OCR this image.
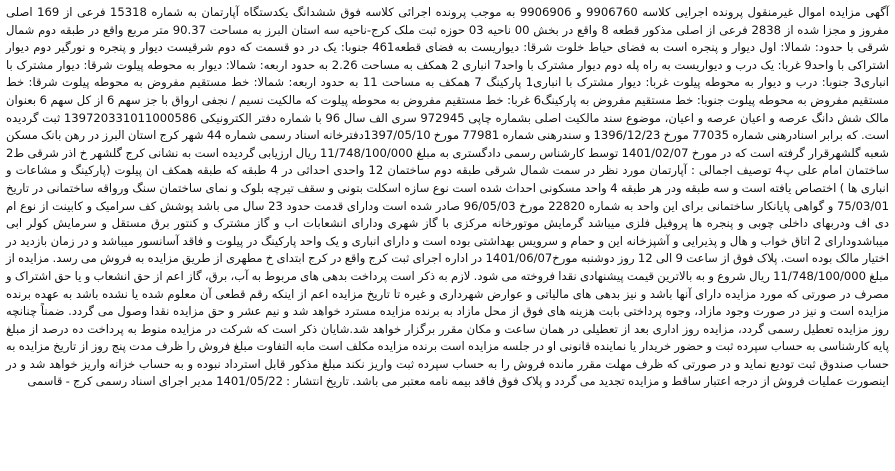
آگهی مزایده اموال غیرمنقول پرونده اجرایی کلاسه 9906760 و 9906906 به موجب پرونده اجرائی کلاسه فوق ششدانگ یکدستگاه آپارتمان به شماره 15318 فرعی از 169 اصلی مفروز و مجزا شده از 2838 فرعی از اصلی مذکور قطعه 8 واقع در بخش 00 ناحیه 03 حوزه ثبت ملک کرج-ناحیه سه استان البرز به مساحت 90.37 متر مربع واقع در طبقه دوم شمال شرقی با حدود: شمالا: اول دیوار و پنجره است به فضای حیاط خلوت شرقا: دیواریست به فضای قطعه461 جنوبا: یک در دو قسمت که دوم شرقیست دیوار و پنجره و نورگیر دوم دیوار اشتراکی با واحد9 غربا: یک درب و دیواریست به راه پله دوم دیوار مشترک با واحد7 انباری 2 همکف به مساحت 2.26 به حدود اربعه: شمالا: دیوار به محوطه پیلوت شرقا: دیوار مشترک با انباری3 جنوبا: درب و دیوار به محوطه پیلوت غربا: دیوار مشترک با انباری1 پارکینگ 7 همکف به مساحت 11 به حدود اربعه: شمالا: خط مستقیم مفروض به محوطه پیلوت شرقا: خط مستقیم مفروض به محوطه پیلوت جنوبا: خط مستقیم مفروض به پارکینگ6 غربا: خط مستقیم مفروض به محوطه پیلوت که مالکیت نسیم / نجفی ارواق با جز سهم 6 از کل سهم 6 بعنوان مالک شش دانگ عرصه و اعیان عرصه و اعیان، موضوع سند مالکیت اصلی بشماره چاپی 972945 سری الف سال 96 با شماره دفتر الکترونیکی 139720331011000586 ثبت گردیده است. که برابر اسنادرهنی شماره 77035 مورخ 1396/12/23 و سندرهنی شماره 77981 مورخ 1397/05/10دفترخانه اسناد رسمی شماره 44 شهر کرج استان البرز در رهن بانک مسکن شعبه گلشهرقرار گرفته است که در مورخ 1401/02/07 توسط کارشناس رسمی دادگستری به مبلغ 11/748/100/000 ریال ارزیابی گردیده است به نشانی کرج گلشهر خ اذر شرقی ط2 ساختمان امام علی پ4 توصیف اجمالی : آپارتمان مورد نظر در سمت شمال شرقی طبقه دوم ساختمان 12 واحدی احداثی در 4 طبقه که طبقه همکف ان پیلوت (پارکینگ و مشاعات و انباری ها ) اختصاص یافته است و سه طبقه ودر هر طبقه 4 واحد مسکونی احداث شده است نوع سازه اسکلت بتونی و سقف تیرچه بلوک و نمای ساختمان سنگ ورواقه ساختمانی در تاریخ 75/03/01 و گواهی پایانکار ساختمانی برای این واحد به شماره 22820 مورخ 96/05/03 صادر شده است ودارای قدمت حدود 23 سال می باشد پوشش کف سرامیک و کابینت از نوع ام دی اف ودربهای داخلی چوبی و پنجره ها پروفیل فلزی میباشد گرمایش موتورخانه مرکزی با گاز شهری ودارای انشعابات اب و گاز مشترک و کنتور برق مستقل و سرمایش کولر ابی میباشدودارای 2 اتاق خواب و هال و پذیرایی و آشپزخانه این و حمام و سرویس بهداشتی بوده است و دارای انباری و یک واحد پارکینگ در پیلوت و فاقد آسانسور میباشد و در زمان بازدید در اختیار مالک بوده است. پلاک فوق از ساعت 9 الی 12 روز دوشنبه مورخ1401/06/07 در اداره اجرای ثبت کرج واقع در کرج ابتدای خ مطهری از طریق مزایده به فروش می رسد. مزایده از مبلغ 11/748/100/000 ریال شروع و به بالاترین قیمت پیشنهادی نقدا فروخته می شود. لازم به ذکر است پرداخت بدهی های مربوط به آب، برق، گاز اعم از حق انشعاب و یا حق اشتراک و مصرف در صورتی که مورد مزایده دارای آنها باشد و نیز بدهی های مالیاتی و عوارض شهرداری و غیره تا تاریخ مزایده اعم از اینکه رقم قطعی آن معلوم شده یا نشده باشد به عهده برنده مزایده است و نیز در صورت وجود مازاد، وجوه پرداختی بابت هزینه های فوق از محل مازاد به برنده مزایده مسترد خواهد شد و نیم عشر و حق مزایده نقدا وصول می گردد. ضمناً چنانچه روز مزایده تعطیل رسمی گردد، مزایده روز اداری بعد از تعطیلی در همان ساعت و مکان مقرر برگزار خواهد شد.شایان ذکر است که شرکت در مزایده منوط به پرداخت ده درصد از مبلغ پایه کارشناسی به حساب سپرده ثبت و حضور خریدار یا نماینده قانونی او در جلسه مزایده است برنده مزایده مکلف است مابه التفاوت مبلغ فروش را ظرف مدت پنج روز از تاریخ مزایده به حساب صندوق ثبت تودیع نماید و در صورتی که ظرف مهلت مقرر مانده فروش را به حساب سپرده ثبت واریز نکند مبلغ مذکور قابل استرداد نبوده و به حساب خزانه واریز خواهد شد و در اینصورت عملیات فروش از درجه اعتبار ساقط و مزایده تجدید می گردد و پلاک فوق فاقد بیمه نامه معتبر می باشد. تاریخ انتشار : 1401/05/22 مدیر اجرای اسناد رسمی کرج - قاسمی
